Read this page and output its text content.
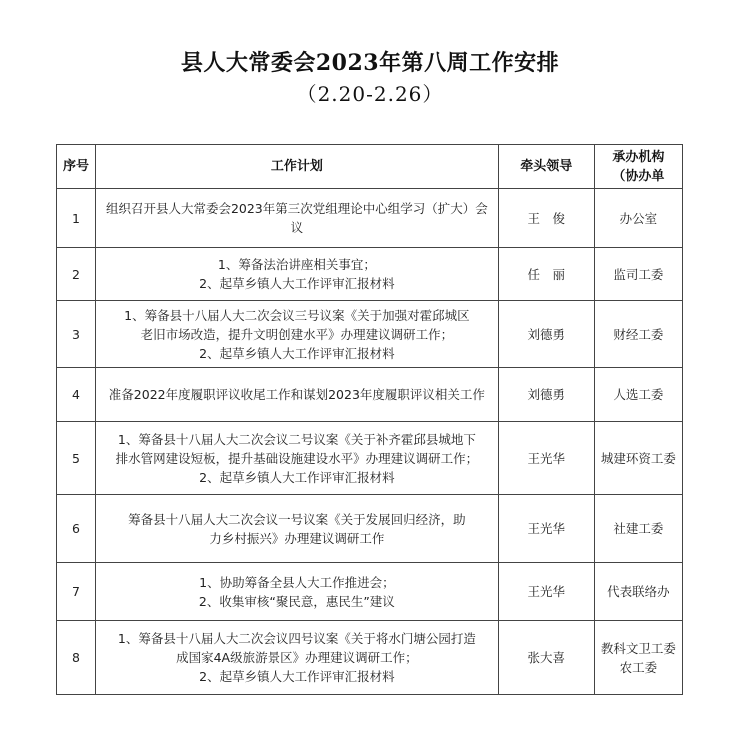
县人大常委会2023年第八周工作安排
（2.20-2.26）
序号	工作计划	牵头领导	承办机构
（协办单

1	组织召开县人大常委会2023年第三次党组理论中心组学习（扩大）会议	王　俊	办公室

2	1、筹备法治讲座相关事宜；
2、起草乡镇人大工作评审汇报材料	任　丽	监司工委

3	1、筹备县十八届人大二次会议三号议案《关于加强对霍邱城区
老旧市场改造，提升文明创建水平》办理建议调研工作；
2、起草乡镇人大工作评审汇报材料	刘德勇	财经工委

4	准备2022年度履职评议收尾工作和谋划2023年度履职评议相关工作	刘德勇	人选工委

5	1、筹备县十八届人大二次会议二号议案《关于补齐霍邱县城地下
排水管网建设短板，提升基础设施建设水平》办理建议调研工作；
2、起草乡镇人大工作评审汇报材料	王光华	城建环资工委

6	筹备县十八届人大二次会议一号议案《关于发展回归经济，助
力乡村振兴》办理建议调研工作	王光华	社建工委

7	1、协助筹备全县人大工作推进会；
2、收集审核“聚民意，惠民生”建议	王光华	代表联络办

8	1、筹备县十八届人大二次会议四号议案《关于将水门塘公园打造
成国家4A级旅游景区》办理建议调研工作；
2、起草乡镇人大工作评审汇报材料	张大喜	教科文卫工委
农工委
